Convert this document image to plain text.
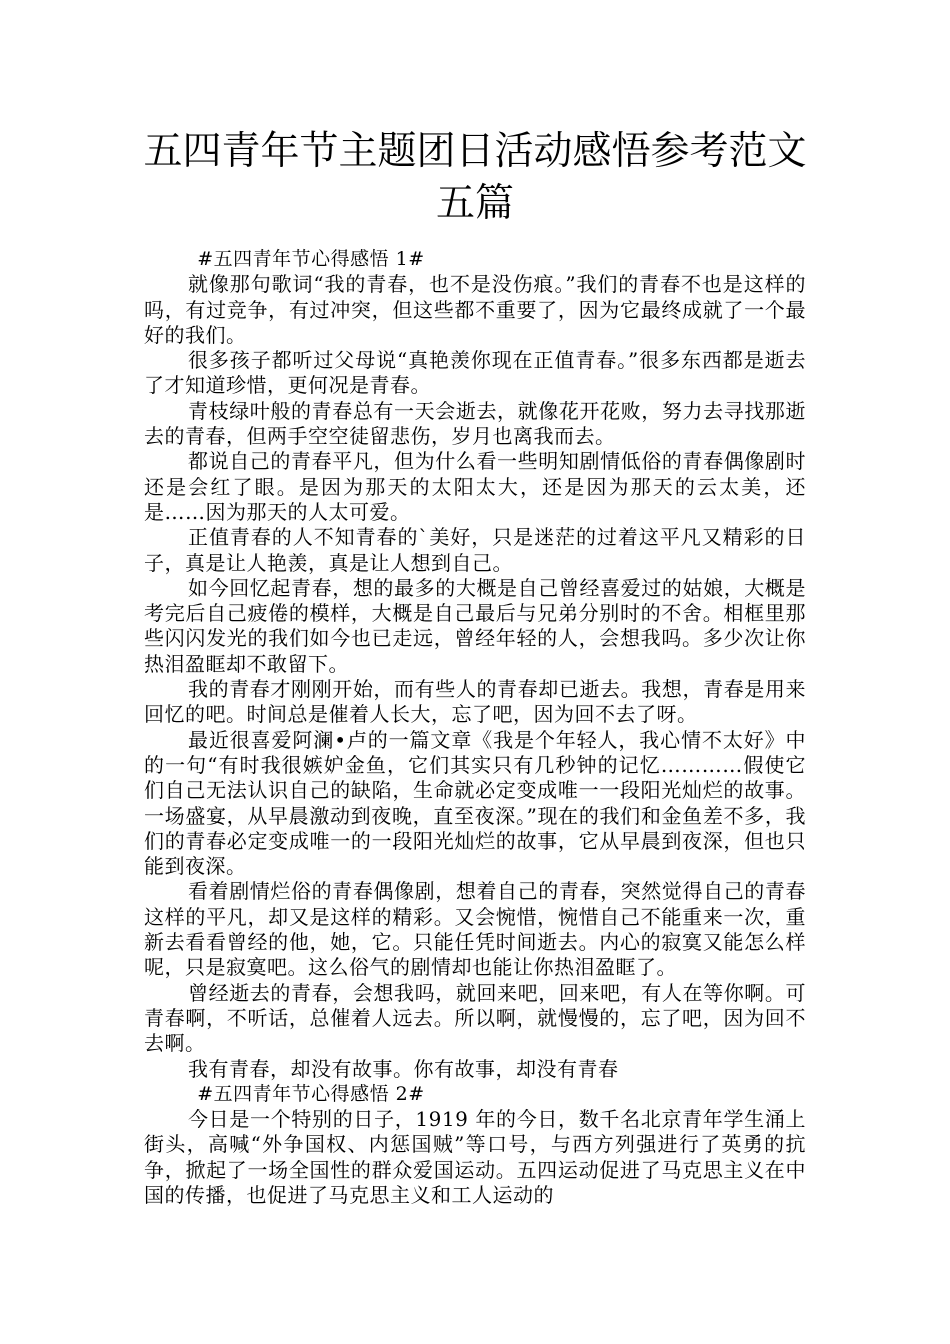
五四青年节主题团日活动感悟参考范文五篇

#五四青年节心得感悟 1#

就像那句歌词“我的青春，也不是没伤痕。”我们的青春不也是这样的吗，有过竞争，有过冲突，但这些都不重要了，因为它最终成就了一个最好的我们。

很多孩子都听过父母说“真艳羡你现在正值青春。”很多东西都是逝去了才知道珍惜，更何况是青春。

青枝绿叶般的青春总有一天会逝去，就像花开花败，努力去寻找那逝去的青春，但两手空空徒留悲伤，岁月也离我而去。

都说自己的青春平凡，但为什么看一些明知剧情低俗的青春偶像剧时还是会红了眼。是因为那天的太阳太大，还是因为那天的云太美，还是……因为那天的人太可爱。

正值青春的人不知青春的`美好，只是迷茫的过着这平凡又精彩的日子，真是让人艳羡，真是让人想到自己。

如今回忆起青春，想的最多的大概是自己曾经喜爱过的姑娘，大概是考完后自己疲倦的模样，大概是自己最后与兄弟分别时的不舍。相框里那些闪闪发光的我们如今也已走远，曾经年轻的人，会想我吗。多少次让你热泪盈眶却不敢留下。

我的青春才刚刚开始，而有些人的青春却已逝去。我想，青春是用来回忆的吧。时间总是催着人长大，忘了吧，因为回不去了呀。

最近很喜爱阿澜•卢的一篇文章《我是个年轻人，我心情不太好》中的一句“有时我很嫉妒金鱼，它们其实只有几秒钟的记忆…………假使它们自己无法认识自己的缺陷，生命就必定变成唯一一段阳光灿烂的故事。一场盛宴，从早晨激动到夜晚，直至夜深。”现在的我们和金鱼差不多，我们的青春必定变成唯一的一段阳光灿烂的故事，它从早晨到夜深，但也只能到夜深。

看着剧情烂俗的青春偶像剧，想着自己的青春，突然觉得自己的青春这样的平凡，却又是这样的精彩。又会惋惜，惋惜自己不能重来一次，重新去看看曾经的他，她，它。只能任凭时间逝去。内心的寂寞又能怎么样呢，只是寂寞吧。这么俗气的剧情却也能让你热泪盈眶了。

曾经逝去的青春，会想我吗，就回来吧，回来吧，有人在等你啊。可青春啊，不听话，总催着人远去。所以啊，就慢慢的，忘了吧，因为回不去啊。

我有青春，却没有故事。你有故事，却没有青春

#五四青年节心得感悟 2#

今日是一个特别的日子，1919 年的今日，数千名北京青年学生涌上街头，高喊“外争国权、内惩国贼”等口号，与西方列强进行了英勇的抗争，掀起了一场全国性的群众爱国运动。五四运动促进了马克思主义在中国的传播，也促进了马克思主义和工人运动的
